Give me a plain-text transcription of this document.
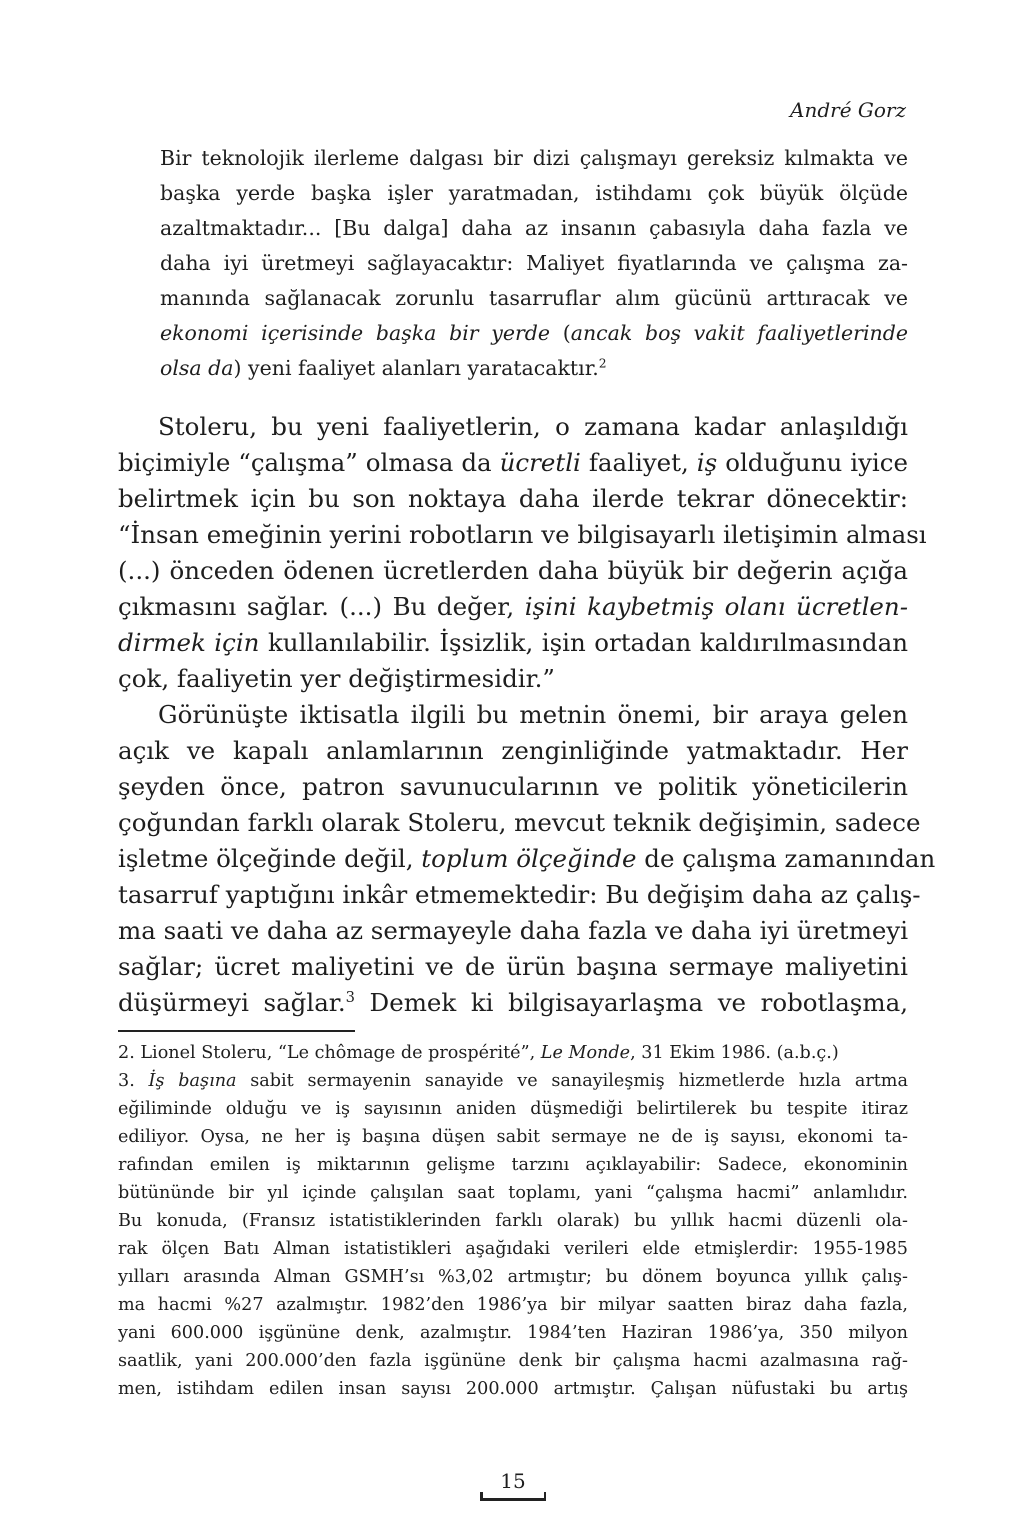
André Gorz
Bir teknolojik ilerleme dalgası bir dizi çalışmayı gereksiz kılmakta ve
başka yerde başka işler yaratmadan, istihdamı çok büyük ölçüde
azaltmaktadır... [Bu dalga] daha az insanın çabasıyla daha fazla ve
daha iyi üretmeyi sağlayacaktır: Maliyet fiyatlarında ve çalışma za-
manında sağlanacak zorunlu tasarruflar alım gücünü arttıracak ve
ekonomi içerisinde başka bir yerde (ancak boş vakit faaliyetlerinde
olsa da) yeni faaliyet alanları yaratacaktır.$^2$
Stoleru, bu yeni faaliyetlerin, o zamana kadar anlaşıldığı
biçimiyle “çalışma” olmasa da ücretli faaliyet, iş olduğunu iyice
belirtmek için bu son noktaya daha ilerde tekrar dönecektir:
“İnsan emeğinin yerini robotların ve bilgisayarlı iletişimin alması
(...) önceden ödenen ücretlerden daha büyük bir değerin açığa
çıkmasını sağlar. (...) Bu değer, işini kaybetmiş olanı ücretlen-
dirmek için kullanılabilir. İşsizlik, işin ortadan kaldırılmasından
çok, faaliyetin yer değiştirmesidir.”
Görünüşte iktisatla ilgili bu metnin önemi, bir araya gelen
açık ve kapalı anlamlarının zenginliğinde yatmaktadır. Her
şeyden önce, patron savunucularının ve politik yöneticilerin
çoğundan farklı olarak Stoleru, mevcut teknik değişimin, sadece
işletme ölçeğinde değil, toplum ölçeğinde de çalışma zamanından
tasarruf yaptığını inkâr etmemektedir: Bu değişim daha az çalış-
ma saati ve daha az sermayeyle daha fazla ve daha iyi üretmeyi
sağlar; ücret maliyetini ve de ürün başına sermaye maliyetini
düşürmeyi sağlar.$^3$ Demek ki bilgisayarlaşma ve robotlaşma,
2. Lionel Stoleru, “Le chômage de prospérité”, Le Monde, 31 Ekim 1986. (a.b.ç.)
3. İş başına sabit sermayenin sanayide ve sanayileşmiş hizmetlerde hızla artma
eğiliminde olduğu ve iş sayısının aniden düşmediği belirtilerek bu tespite itiraz
ediliyor. Oysa, ne her iş başına düşen sabit sermaye ne de iş sayısı, ekonomi ta-
rafından emilen iş miktarının gelişme tarzını açıklayabilir: Sadece, ekonominin
bütününde bir yıl içinde çalışılan saat toplamı, yani “çalışma hacmi” anlamlıdır.
Bu konuda, (Fransız istatistiklerinden farklı olarak) bu yıllık hacmi düzenli ola-
rak ölçen Batı Alman istatistikleri aşağıdaki verileri elde etmişlerdir: 1955-1985
yılları arasında Alman GSMH’sı %3,02 artmıştır; bu dönem boyunca yıllık çalış-
ma hacmi %27 azalmıştır. 1982’den 1986’ya bir milyar saatten biraz daha fazla,
yani 600.000 işgününe denk, azalmıştır. 1984’ten Haziran 1986’ya, 350 milyon
saatlik, yani 200.000’den fazla işgününe denk bir çalışma hacmi azalmasına rağ-
men, istihdam edilen insan sayısı 200.000 artmıştır. Çalışan nüfustaki bu artış
15
